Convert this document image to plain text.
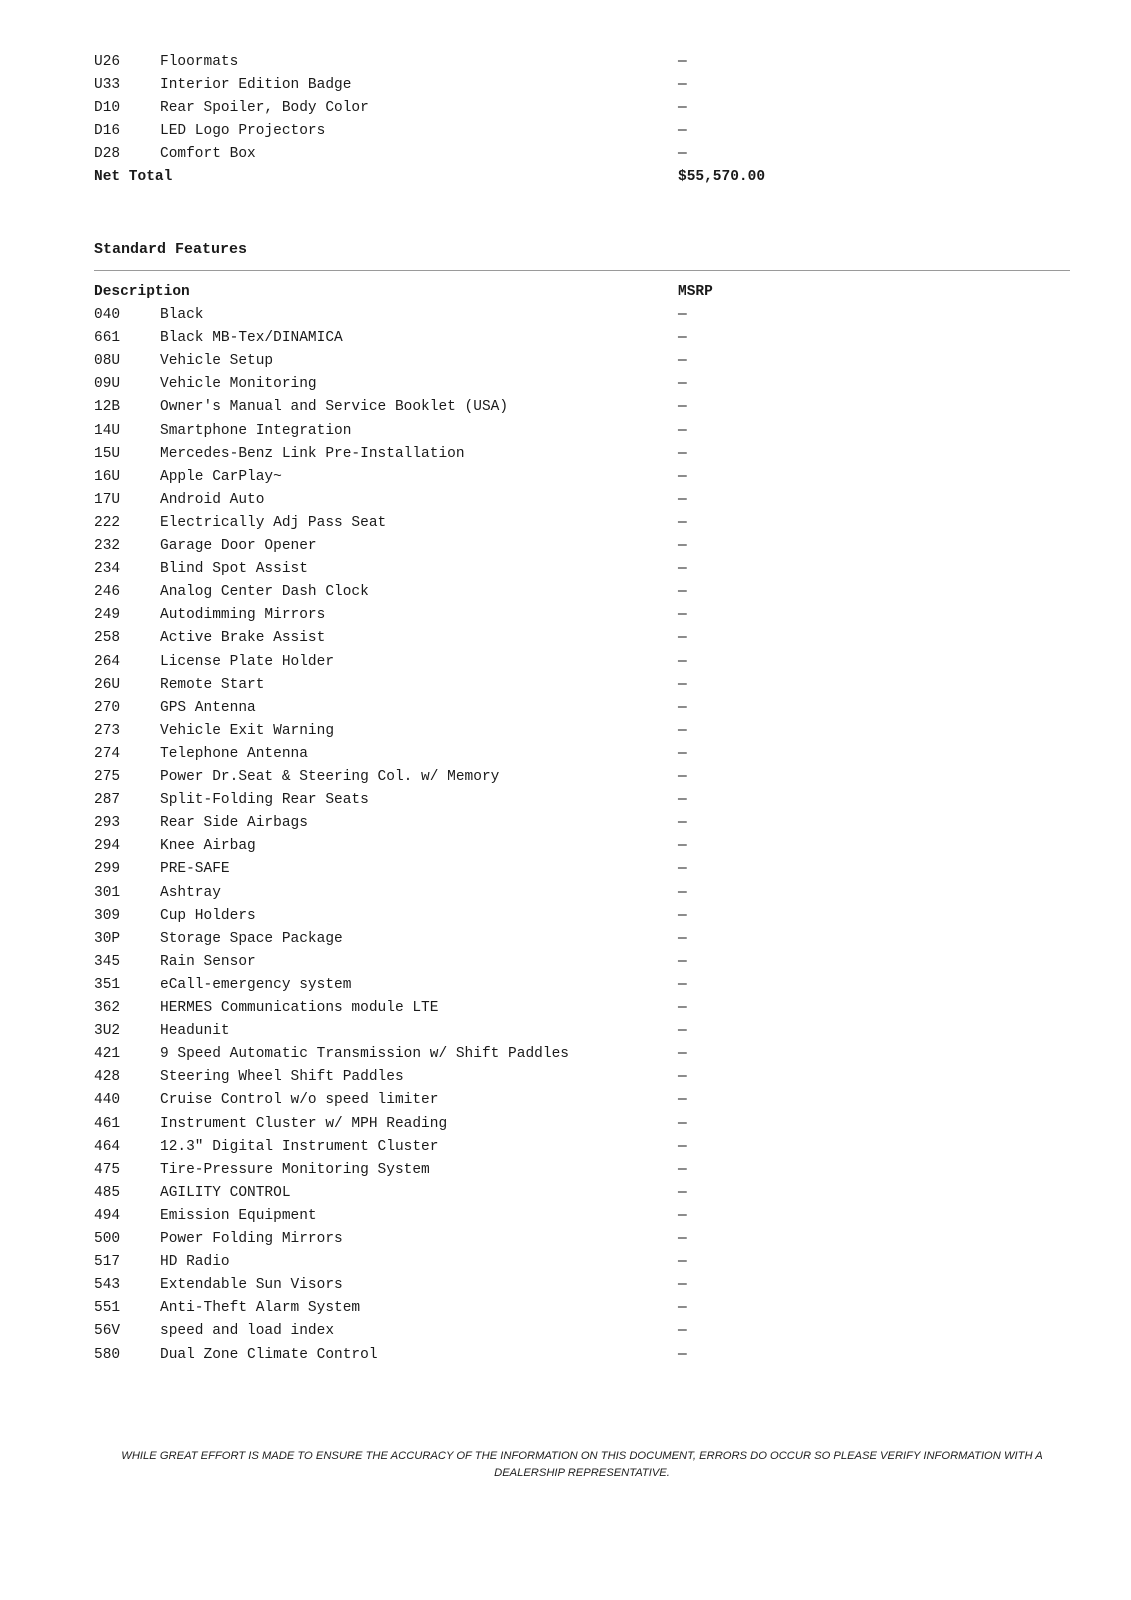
U26	Floormats	—
U33	Interior Edition Badge	—
D10	Rear Spoiler, Body Color	—
D16	LED Logo Projectors	—
D28	Comfort Box	—
Net Total	$55,570.00
Standard Features
Description	MSRP
040	Black	—
661	Black MB-Tex/DINAMICA	—
08U	Vehicle Setup	—
09U	Vehicle Monitoring	—
12B	Owner's Manual and Service Booklet (USA)	—
14U	Smartphone Integration	—
15U	Mercedes-Benz Link Pre-Installation	—
16U	Apple CarPlay~	—
17U	Android Auto	—
222	Electrically Adj Pass Seat	—
232	Garage Door Opener	—
234	Blind Spot Assist	—
246	Analog Center Dash Clock	—
249	Autodimming Mirrors	—
258	Active Brake Assist	—
264	License Plate Holder	—
26U	Remote Start	—
270	GPS Antenna	—
273	Vehicle Exit Warning	—
274	Telephone Antenna	—
275	Power Dr.Seat & Steering Col. w/ Memory	—
287	Split-Folding Rear Seats	—
293	Rear Side Airbags	—
294	Knee Airbag	—
299	PRE-SAFE	—
301	Ashtray	—
309	Cup Holders	—
30P	Storage Space Package	—
345	Rain Sensor	—
351	eCall-emergency system	—
362	HERMES Communications module LTE	—
3U2	Headunit	—
421	9 Speed Automatic Transmission w/ Shift Paddles	—
428	Steering Wheel Shift Paddles	—
440	Cruise Control w/o speed limiter	—
461	Instrument Cluster w/ MPH Reading	—
464	12.3" Digital Instrument Cluster	—
475	Tire-Pressure Monitoring System	—
485	AGILITY CONTROL	—
494	Emission Equipment	—
500	Power Folding Mirrors	—
517	HD Radio	—
543	Extendable Sun Visors	—
551	Anti-Theft Alarm System	—
56V	speed and load index	—
580	Dual Zone Climate Control	—
WHILE GREAT EFFORT IS MADE TO ENSURE THE ACCURACY OF THE INFORMATION ON THIS DOCUMENT, ERRORS DO OCCUR SO PLEASE VERIFY INFORMATION WITH A DEALERSHIP REPRESENTATIVE.
